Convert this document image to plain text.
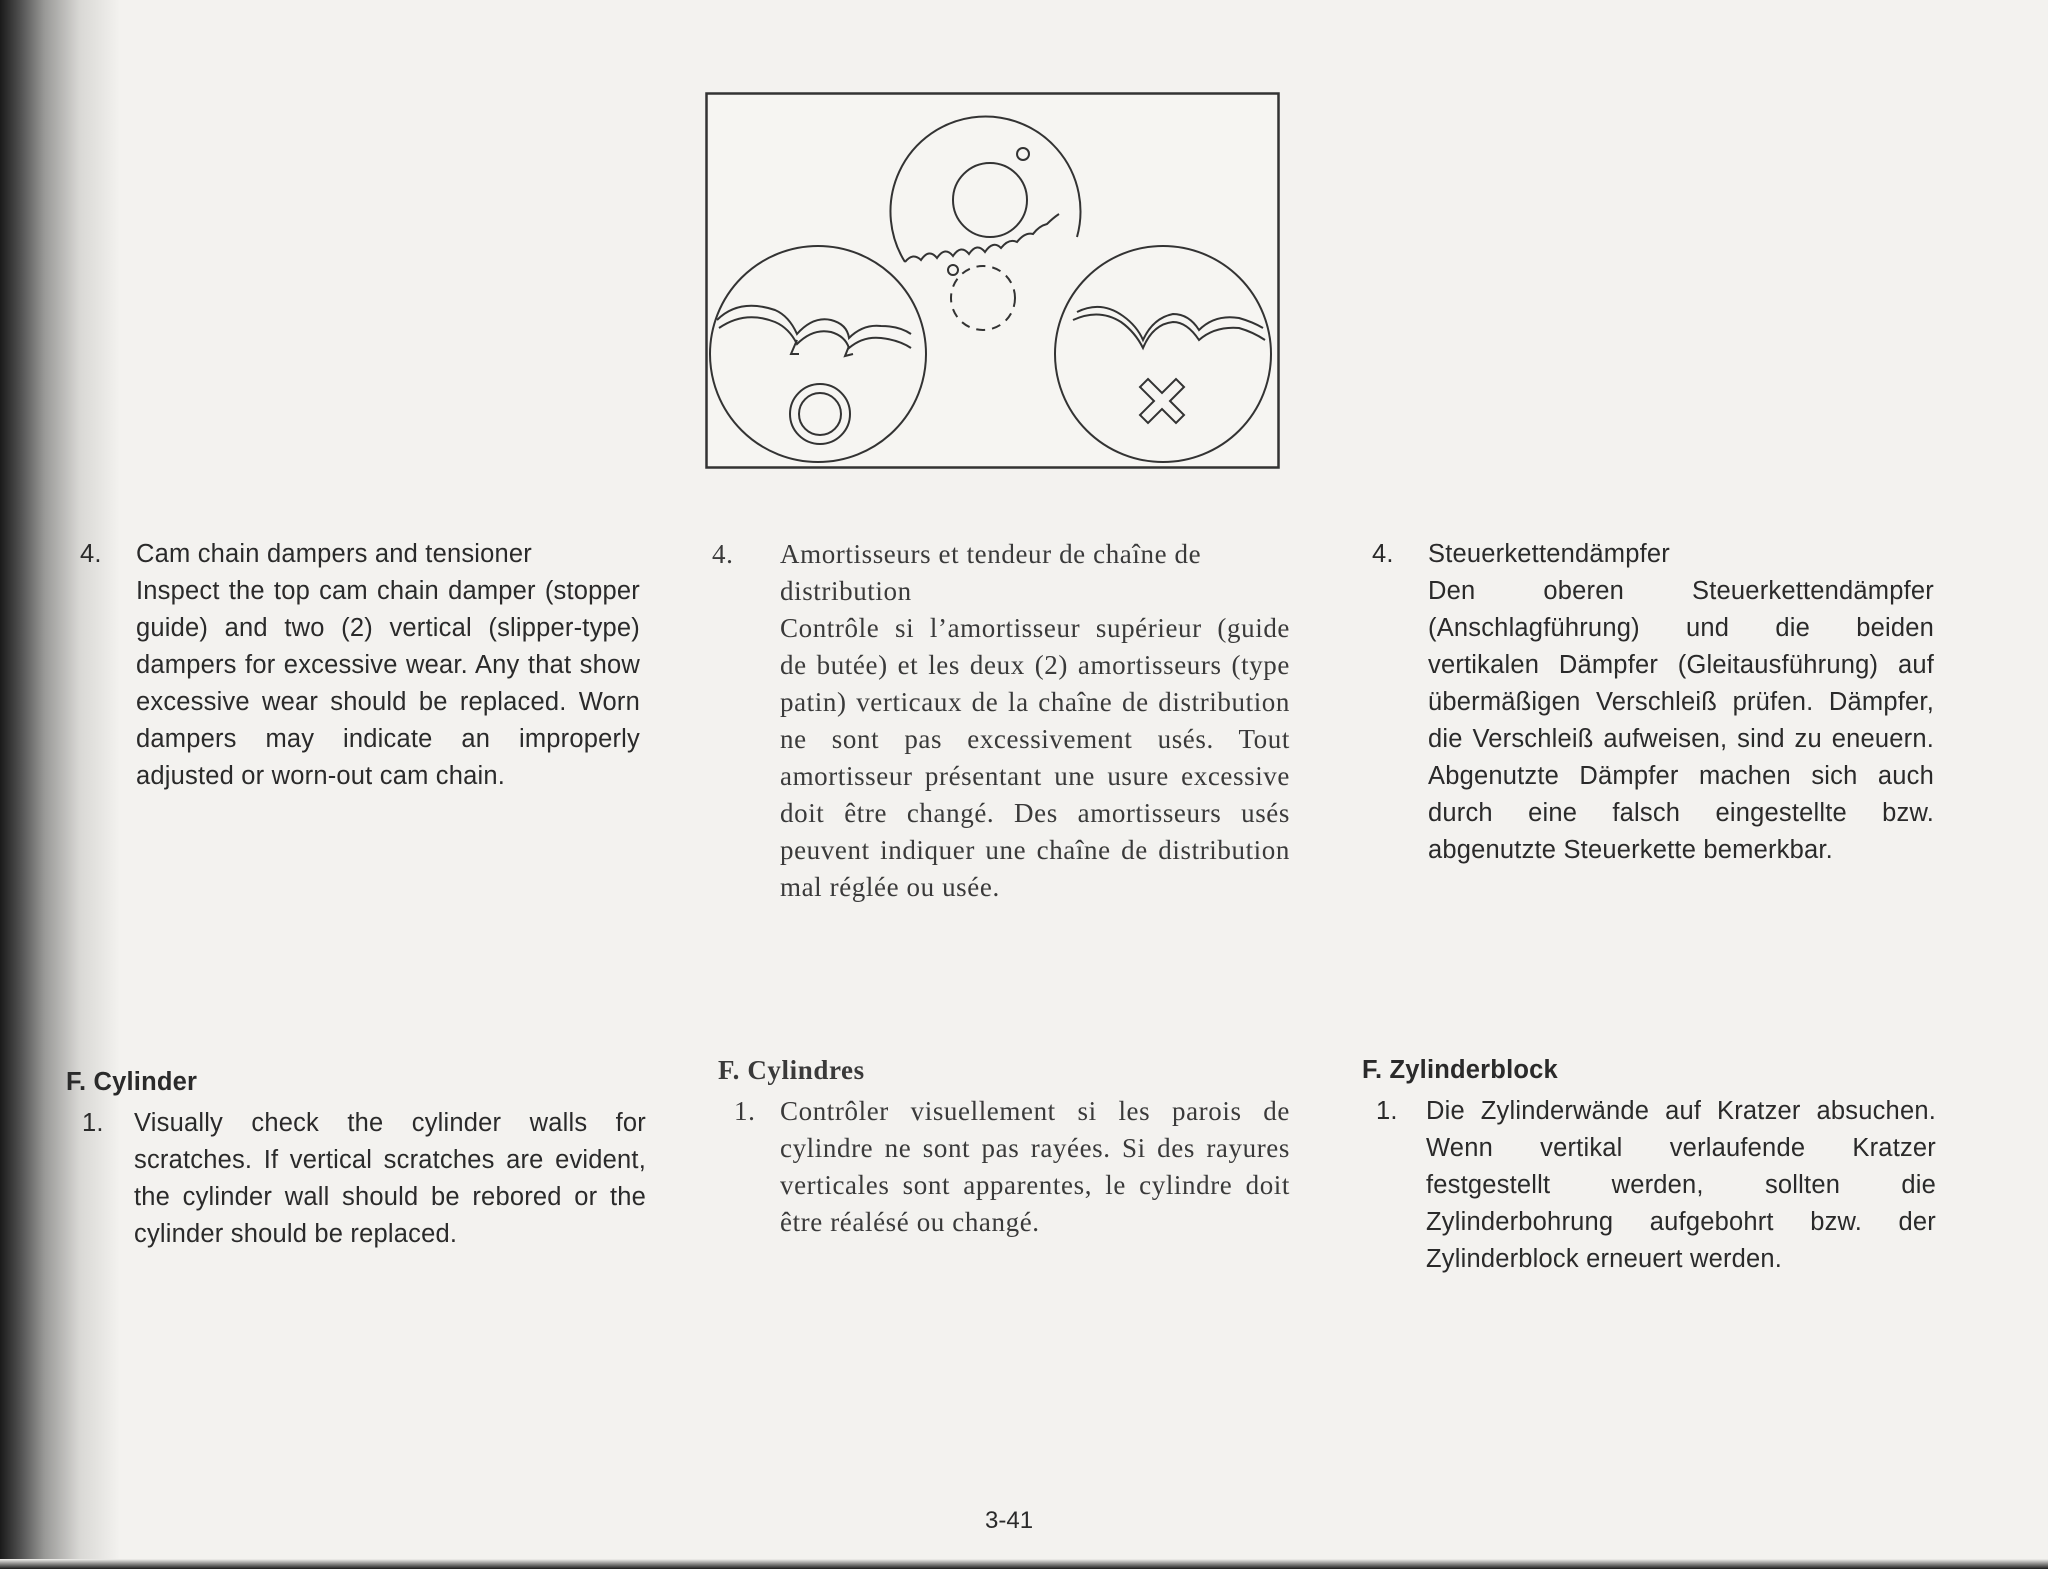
4. Cam chain dampers and tensioner
Inspect the top cam chain damper (stopper guide) and two (2) vertical (slipper-type) dampers for excessive wear. Any that show excessive wear should be replaced. Worn dampers may indicate an improperly adjusted or worn-out cam chain.
4. Amortisseurs et tendeur de chaîne de distribution
Contrôle si l’amortisseur supérieur (guide de butée) et les deux (2) amortisseurs (type patin) verticaux de la chaîne de distribution ne sont pas excessivement usés. Tout amortisseur présentant une usure excessive doit être changé. Des amortisseurs usés peuvent indiquer une chaîne de distribution mal réglée ou usée.
4. Steuerkettendämpfer
Den oberen Steuerkettendämpfer (Anschlagführung) und die beiden vertikalen Dämpfer (Gleitausführung) auf übermäßigen Verschleiß prüfen. Dämpfer, die Verschleiß aufweisen, sind zu eneuern. Abgenutzte Dämpfer machen sich auch durch eine falsch eingestellte bzw. abgenutzte Steuerkette bemerkbar.
F. Cylinder
1. Visually check the cylinder walls for scratches. If vertical scratches are evident, the cylinder wall should be rebored or the cylinder should be replaced.
F. Cylindres
1. Contrôler visuellement si les parois de cylindre ne sont pas rayées. Si des rayures verticales sont apparentes, le cylindre doit être réalésé ou changé.
F. Zylinderblock
1. Die Zylinderwände auf Kratzer absuchen. Wenn vertikal verlaufende Kratzer festgestellt werden, sollten die Zylinderbohrung aufgebohrt bzw. der Zylinderblock erneuert werden.
3-41
